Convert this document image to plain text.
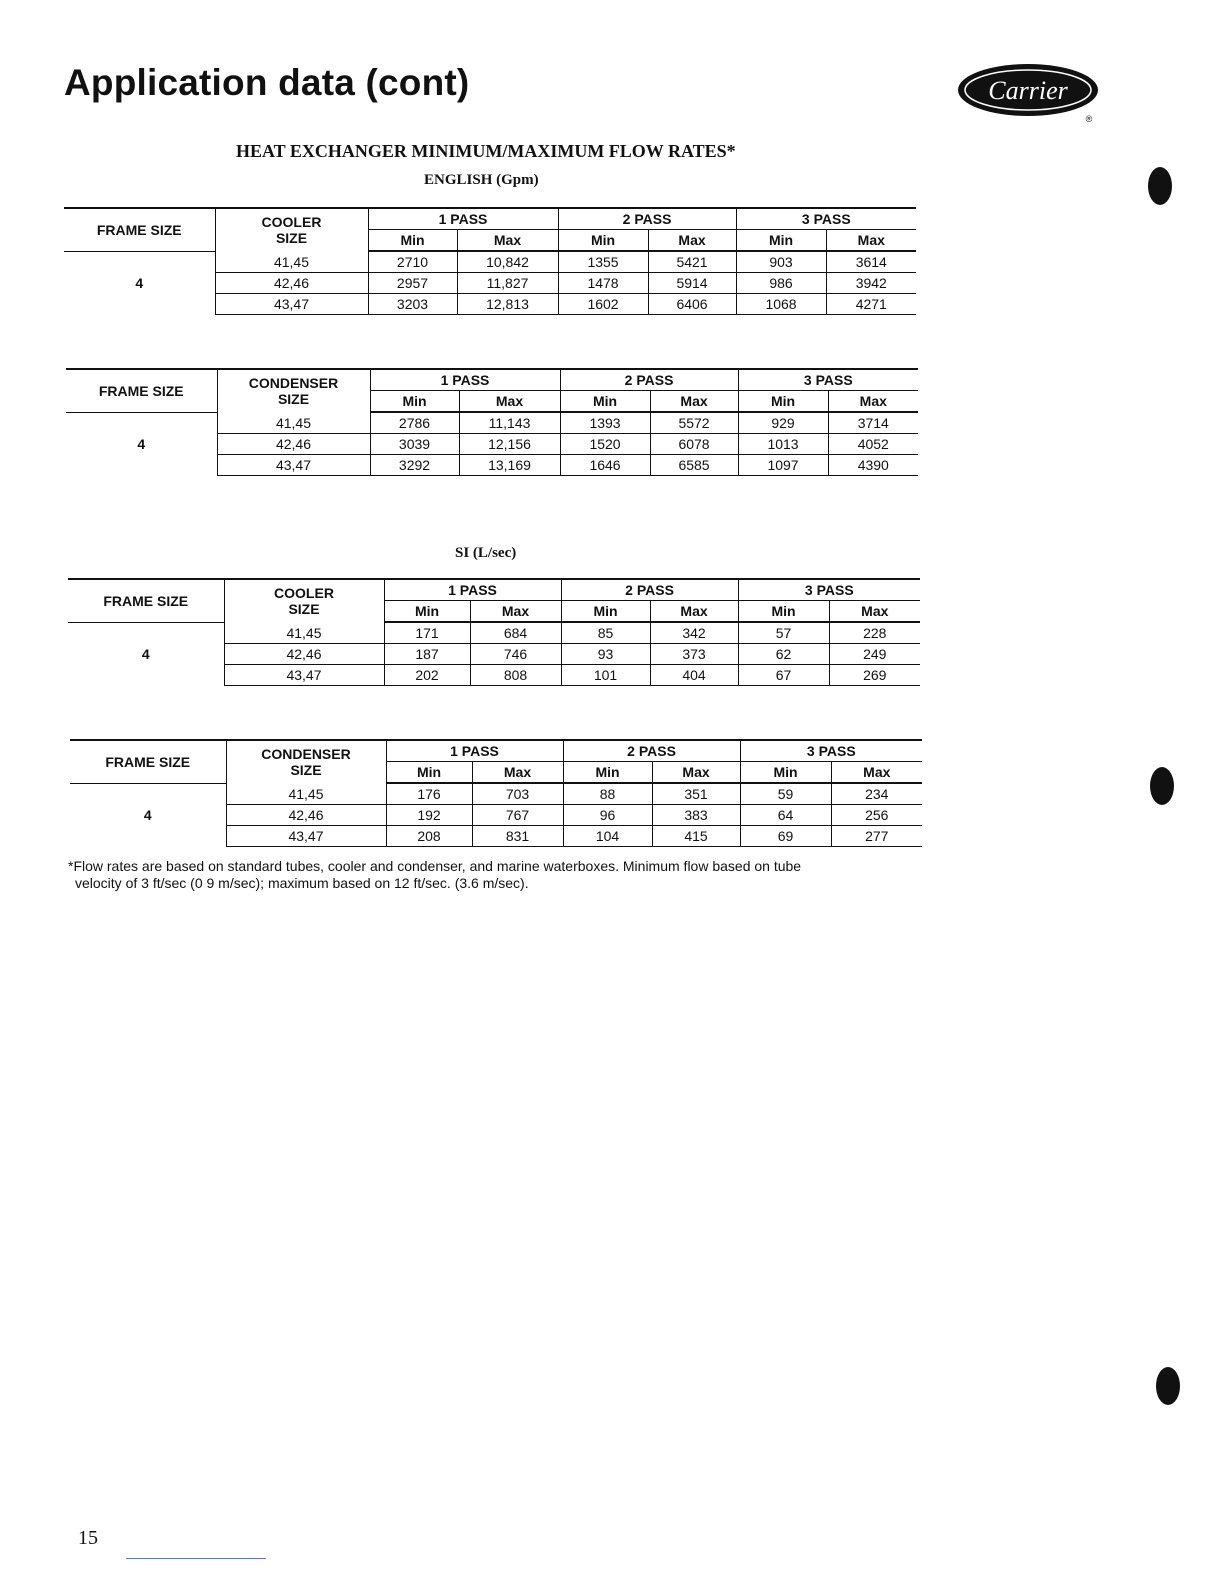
Application data (cont)	Carrier
®
HEAT EXCHANGER MINIMUM/MAXIMUM FLOW RATES*
ENGLISH (Gpm)
FRAME SIZE	COOLER
SIZE	1 PASS		2 PASS		3 PASS	
		Min	Max	Min	Max	Min	Max
4	41,45	2710	10,842	1355	5421	903	3614
	42,46	2957	11,827	1478	5914	986	3942
	43,47	3203	12,813	1602	6406	1068	4271

FRAME SIZE	CONDENSER
SIZE	1 PASS		2 PASS		3 PASS	
		Min	Max	Min	Max	Min	Max
4	41,45	2786	11,143	1393	5572	929	3714
	42,46	3039	12,156	1520	6078	1013	4052
	43,47	3292	13,169	1646	6585	1097	4390

SI (L/sec)
FRAME SIZE	COOLER
SIZE	1 PASS		2 PASS		3 PASS	
		Min	Max	Min	Max	Min	Max
4	41,45	171	684	85	342	57	228
	42,46	187	746	93	373	62	249
	43,47	202	808	101	404	67	269

FRAME SIZE	CONDENSER
SIZE	1 PASS		2 PASS		3 PASS	
		Min	Max	Min	Max	Min	Max
4	41,45	176	703	88	351	59	234
	42,46	192	767	96	383	64	256
	43,47	208	831	104	415	69	277

*Flow rates are based on standard tubes, cooler and condenser, and marine waterboxes. Minimum flow based on tube
velocity of 3 ft/sec (0 9 m/sec); maximum based on 12 ft/sec. (3.6 m/sec).

15
